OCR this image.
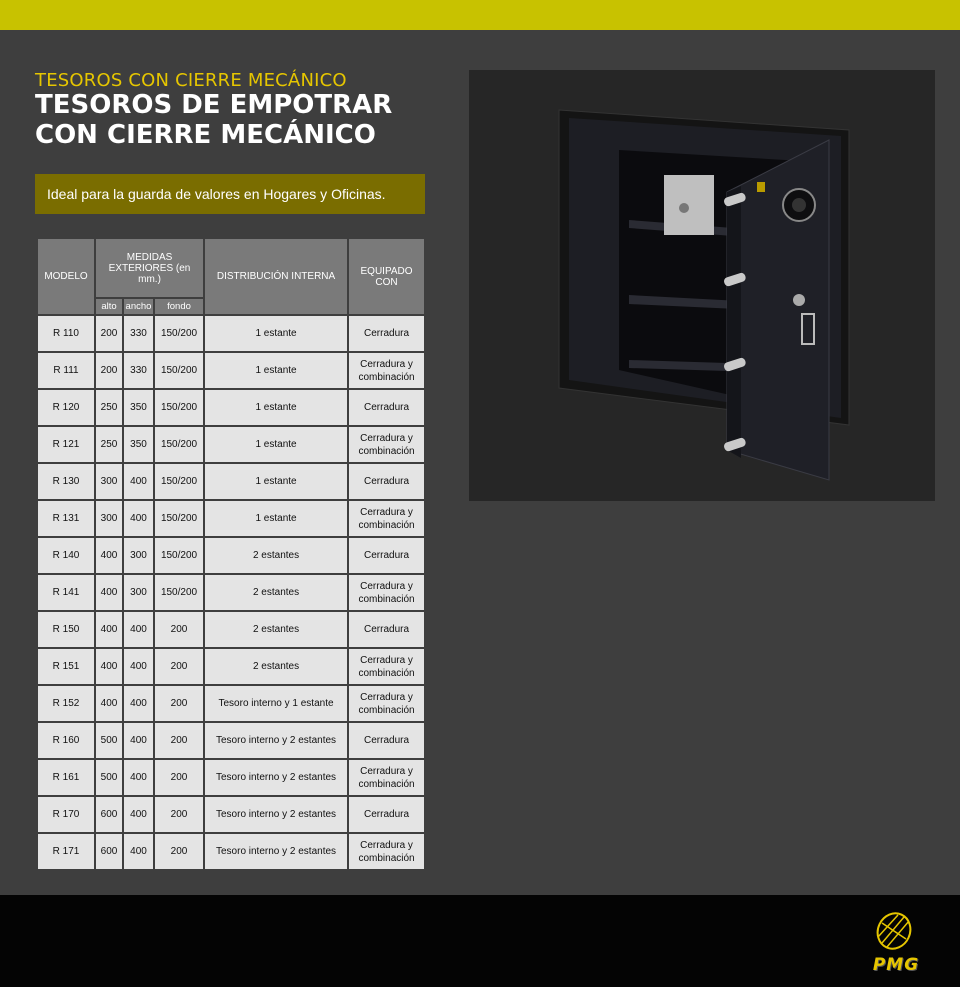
TESOROS CON CIERRE MECÁNICO
TESOROS DE EMPOTRAR
CON CIERRE MECÁNICO
Ideal para la guarda de valores en Hogares y Oficinas.
MODELO	MEDIDAS EXTERIORES (en mm.)			DISTRIBUCIÓN INTERNA	EQUIPADO CON
	alto	ancho	fondo		
R 110	200	330	150/200	1 estante	Cerradura
R 111	200	330	150/200	1 estante	Cerradura y combinación
R 120	250	350	150/200	1 estante	Cerradura
R 121	250	350	150/200	1 estante	Cerradura y combinación
R 130	300	400	150/200	1 estante	Cerradura
R 131	300	400	150/200	1 estante	Cerradura y combinación
R 140	400	300	150/200	2 estantes	Cerradura
R 141	400	300	150/200	2 estantes	Cerradura y combinación
R 150	400	400	200	2 estantes	Cerradura
R 151	400	400	200	2 estantes	Cerradura y combinación
R 152	400	400	200	Tesoro interno y 1 estante	Cerradura y combinación
R 160	500	400	200	Tesoro interno y 2 estantes	Cerradura
R 161	500	400	200	Tesoro interno y 2 estantes	Cerradura y combinación
R 170	600	400	200	Tesoro interno y 2 estantes	Cerradura
R 171	600	400	200	Tesoro interno y 2 estantes	Cerradura y combinación
PMG
